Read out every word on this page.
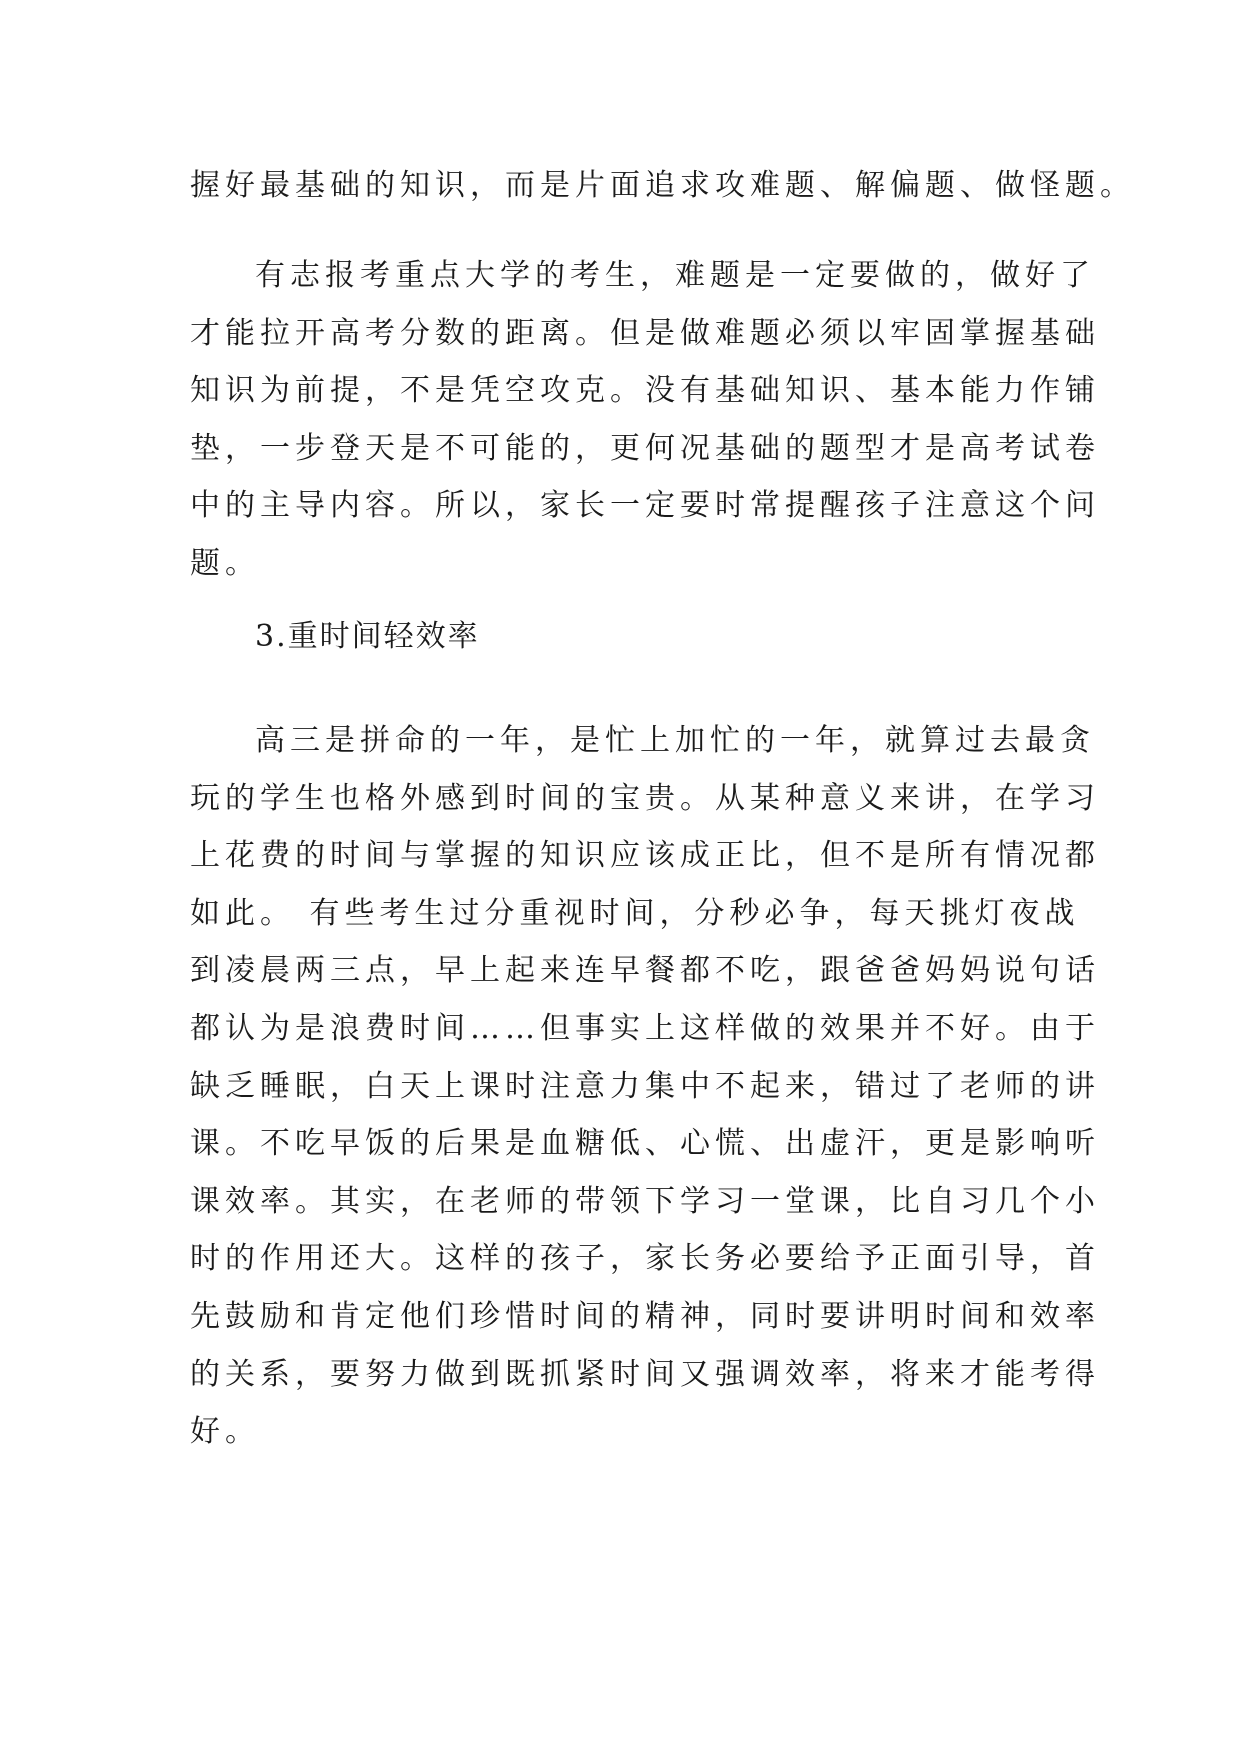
握好最基础的知识，而是片面追求攻难题、解偏题、做怪题。
有志报考重点大学的考生，难题是一定要做的，做好了
才能拉开高考分数的距离。但是做难题必须以牢固掌握基础
知识为前提，不是凭空攻克。没有基础知识、基本能力作铺
垫，一步登天是不可能的，更何况基础的题型才是高考试卷
中的主导内容。所以，家长一定要时常提醒孩子注意这个问
题。
3.重时间轻效率
高三是拼命的一年，是忙上加忙的一年，就算过去最贪
玩的学生也格外感到时间的宝贵。从某种意义来讲，在学习
上花费的时间与掌握的知识应该成正比，但不是所有情况都
如此。 有些考生过分重视时间，分秒必争，每天挑灯夜战
到凌晨两三点，早上起来连早餐都不吃，跟爸爸妈妈说句话
都认为是浪费时间……但事实上这样做的效果并不好。由于
缺乏睡眠，白天上课时注意力集中不起来，错过了老师的讲
课。不吃早饭的后果是血糖低、心慌、出虚汗，更是影响听
课效率。其实，在老师的带领下学习一堂课，比自习几个小
时的作用还大。这样的孩子，家长务必要给予正面引导，首
先鼓励和肯定他们珍惜时间的精神，同时要讲明时间和效率
的关系，要努力做到既抓紧时间又强调效率，将来才能考得
好。
